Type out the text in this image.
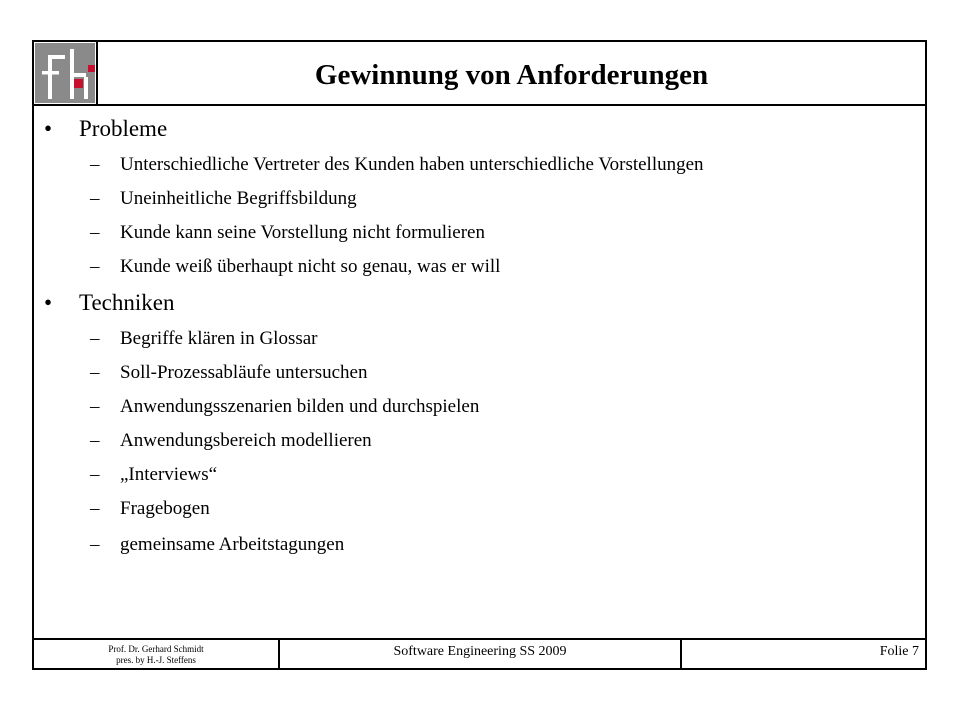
Gewinnung von Anforderungen
• Probleme
– Unterschiedliche Vertreter des Kunden haben unterschiedliche Vorstellungen
– Uneinheitliche Begriffsbildung
– Kunde kann seine Vorstellung nicht formulieren
– Kunde weiß überhaupt nicht so genau, was er will
• Techniken
– Begriffe klären in Glossar
– Soll-Prozessabläufe untersuchen
– Anwendungsszenarien bilden und durchspielen
– Anwendungsbereich modellieren
– „Interviews“
– Fragebogen
– gemeinsame Arbeitstagungen
Prof. Dr. Gerhard Schmidt
pres. by H.-J. Steffens
Software Engineering SS 2009	Folie 7
